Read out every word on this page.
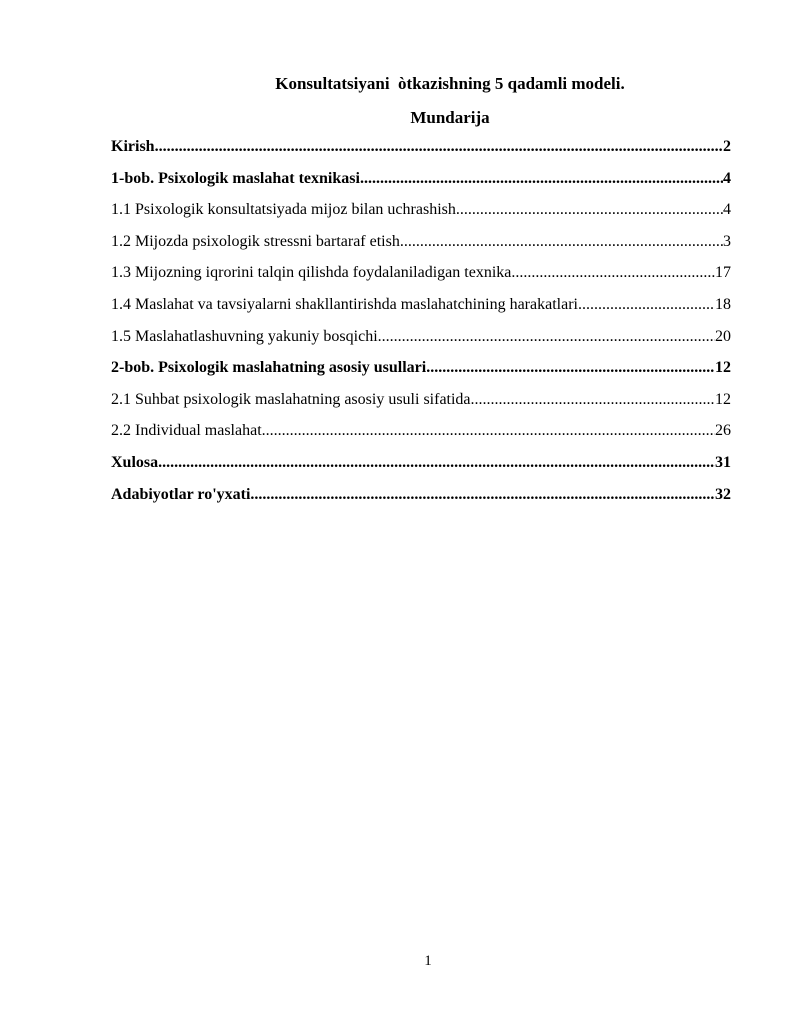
Konsultatsiyani  òtkazishning 5 qadamli modeli.
Mundarija
Kirish .....	2
1-bob. Psixologik maslahat texnikasi .....	4
1.1 Psixologik konsultatsiyada mijoz bilan uchrashish .....	4
1.2 Mijozda psixologik stressni bartaraf etish .....	3
1.3 Mijozning iqrorini talqin qilishda foydalaniladigan texnika .....	17
1.4 Maslahat va tavsiyalarni shakllantirishda maslahatchining harakatlari .....	18
1.5 Maslahatlashuvning yakuniy bosqichi .....	20
2-bob. Psixologik maslahatning asosiy usullari .....	12
2.1 Suhbat psixologik maslahatning asosiy usuli sifatida .....	12
2.2 Individual maslahat .....	26
Xulosa .....	31
Adabiyotlar ro'yxati .....	32
1
